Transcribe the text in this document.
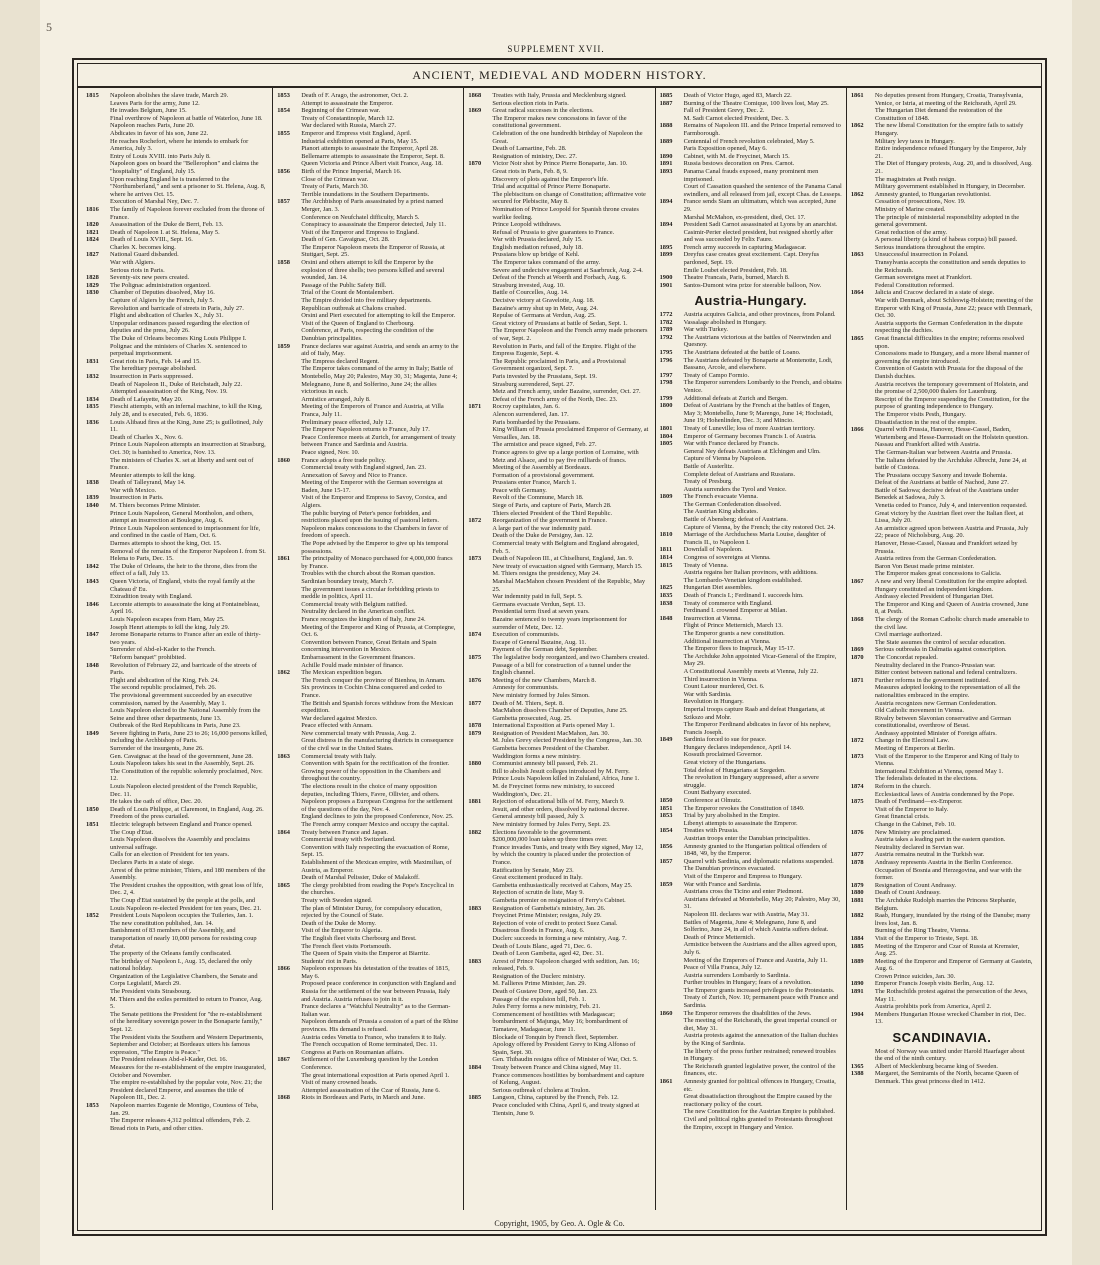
5
SUPPLEMENT XVII.
ANCIENT, MEDIEVAL AND MODERN HISTORY.
1815	Napoleon abolishes the slave trade, March 29.
Leaves Paris for the army, June 12.
He invades Belgium, June 15.
Final overthrow of Napoleon at battle of Waterloo, June 18.
Napoleon reaches Paris, June 20.
Abdicates in favor of his son, June 22.
He reaches Rochefort, where he intends to embark for America, July 3.
Entry of Louis XVIII. into Paris July 8.
Napoleon goes on board the "Bellerophon" and claims the "hospitality" of England, July 15.
Upon reaching England he is transferred to the "Northumberland," and sent a prisoner to St. Helena, Aug. 8, where he arrives Oct. 15.
Execution of Marshal Ney, Dec. 7.
1816	The family of Napoleon forever excluded from the throne of France.
1820	Assassination of the Duke de Berri, Feb. 13.
1821	Death of Napoleon I. at St. Helena, May 5.
1824	Death of Louis XVIII., Sept. 16.
Charles X. becomes king.
1827	National Guard disbanded.
War with Algiers.
Serious riots in Paris.
1828	Seventy-six new peers created.
1829	The Polignac administration organized.
1830	Chamber of Deputies dissolved, May 16.
Capture of Algiers by the French, July 5.
Revolution and barricade of streets in Paris, July 27.
Flight and abdication of Charles X., July 31.
Unpopular ordinances passed regarding the election of deputies and the press, July 26.
The Duke of Orleans becomes King Louis Philippe I.
Polignac and the ministers of Charles X. sentenced to perpetual imprisonment.
1831	Great riots in Paris, Feb. 14 and 15.
The hereditary peerage abolished.
1832	Insurrection in Paris suppressed.
Death of Napoleon II., Duke of Reichstadt, July 22.
Attempted assassination of the King, Nov. 19.
1834	Death of Lafayette, May 20.
1835	Fieschi attempts, with an infernal machine, to kill the King, July 28, and is executed, Feb. 6, 1836.
1836	Louis Alibaud fires at the King, June 25; is guillotined, July 11.
Death of Charles X., Nov. 6.
Prince Louis Napoleon attempts an insurrection at Strasburg, Oct. 30; is banished to America, Nov. 13.
The ministers of Charles X. set at liberty and sent out of France.
Meunier attempts to kill the king.
1838	Death of Talleyrand, May 14.
War with Mexico.
1839	Insurrection in Paris.
1840	M. Thiers becomes Prime Minister.
Prince Louis Napoleon, General Montholon, and others, attempt an insurrection at Boulogne, Aug. 6.
Prince Louis Napoleon sentenced to imprisonment for life, and confined in the castle of Ham, Oct. 6.
Darmes attempts to shoot the king, Oct. 15.
Removal of the remains of the Emperor Napoleon I. from St. Helena to Paris, Dec. 15.
1842	The Duke of Orleans, the heir to the throne, dies from the effect of a fall, July 13.
1843	Queen Victoria, of England, visits the royal family at the Chateau d' Eu.
Extradition treaty with England.
1846	Lecomte attempts to assassinate the king at Fontainebleau, April 16.
Louis Napoleon escapes from Ham, May 25.
Joseph Henri attempts to kill the king, July 29.
1847	Jerome Bonaparte returns to France after an exile of thirty-two years.
Surrender of Abd-el-Kader to the French.
"Reform banquet" prohibited.
1848	Revolution of February 22, and barricade of the streets of Paris.
Flight and abdication of the King, Feb. 24.
The second republic proclaimed, Feb. 26.
The provisional government succeeded by an executive commission, named by the Assembly, May 1.
Louis Napoleon elected to the National Assembly from the Seine and three other departments, June 13.
Outbreak of the Red Republicans in Paris, June 23.
1849	Severe fighting in Paris, June 23 to 26; 16,000 persons killed, including the Archbishop of Paris.
Surrender of the insurgents, June 26.
Gen. Cavaignac at the head of the government, June 28.
Louis Napoleon takes his seat in the Assembly, Sept. 26.
The Constitution of the republic solemnly proclaimed, Nov. 12.
Louis Napoleon elected president of the French Republic, Dec. 11.
He takes the oath of office, Dec. 20.
1850	Death of Louis Philippe, at Claremont, in England, Aug. 26.
Freedom of the press curtailed.
1851	Electric telegraph between England and France opened.
The Coup d'Etat.
Louis Napoleon dissolves the Assembly and proclaims universal suffrage.
Calls for an election of President for ten years.
Declares Paris in a state of siege.
Arrest of the prime minister, Thiers, and 180 members of the Assembly.
The President crushes the opposition, with great loss of life, Dec. 2, 4.
The Coup d'Etat sustained by the people at the polls, and Louis Napoleon re-elected President for ten years, Dec. 21.
1852	President Louis Napoleon occupies the Tuileries, Jan. 1.
The new constitution published, Jan. 14.
Banishment of 83 members of the Assembly, and transportation of nearly 10,000 persons for resisting coup d'etat.
The property of the Orleans family confiscated.
The birthday of Napoleon I., Aug. 15, declared the only national holiday.
Organization of the Legislative Chambers, the Senate and Corps Legislatif, March 29.
The President visits Strasbourg.
M. Thiers and the exiles permitted to return to France, Aug. 5.
The Senate petitions the President for "the re-establishment of the hereditary sovereign power in the Bonaparte family," Sept. 12.
The President visits the Southern and Western Departments, September and October; at Bordeaux utters his famous expression, "The Empire is Peace."
The President releases Abd-el-Kader, Oct. 16.
Measures for the re-establishment of the empire inaugurated, October and November.
The empire re-established by the popular vote, Nov. 21; the President declared Emperor, and assumes the title of Napoleon III., Dec. 2.
1853	Napoleon marries Eugenie de Montigo, Countess of Teba, Jan. 29.
The Emperor releases 4,312 political offenders, Feb. 2.
Bread riots in Paris, and other cities.
1853	Death of F. Arago, the astronomer, Oct. 2.
Attempt to assassinate the Emperor.
1854	Beginning of the Crimean war.
Treaty of Constantinople, March 12.
War declared with Russia, March 27.
1855	Emperor and Empress visit England, April.
Industrial exhibition opened at Paris, May 15.
Pianori attempts to assassinate the Emperor, April 28.
Bellemarre attempts to assassinate the Emperor, Sept. 8.
Queen Victoria and Prince Albert visit France, Aug. 18.
1856	Birth of the Prince Imperial, March 16.
Close of the Crimean war.
Treaty of Paris, March 30.
Terrible inundations in the Southern Departments.
1857	The Archbishop of Paris assassinated by a priest named Merger, Jan. 3.
Conference on Neufchatel difficulty, March 5.
Conspiracy to assassinate the Emperor detected, July 11.
Visit of the Emperor and Empress to England.
Death of Gen. Cavaignac, Oct. 28.
The Emperor Napoleon meets the Emperor of Russia, at Stuttgart, Sept. 25.
1858	Orsini and others attempt to kill the Emperor by the explosion of three shells; two persons killed and several wounded, Jan. 14.
Passage of the Public Safety Bill.
Trial of the Count de Montalembert.
The Empire divided into five military departments.
Republican outbreak at Chalons crushed.
Orsini and Pieri executed for attempting to kill the Emperor.
Visit of the Queen of England to Cherbourg.
Conference, at Paris, respecting the condition of the Danubian principalities.
1859	France declares war against Austria, and sends an army to the aid of Italy, May.
The Empress declared Regent.
The Emperor takes command of the army in Italy; Battle of Montebello, May 20; Palestro, May 30, 31; Magenta, June 4; Melegnano, June 8, and Solferino, June 24; the allies victorious in each.
Armistice arranged, July 8.
Meeting of the Emperors of France and Austria, at Villa Franca, July 11.
Preliminary peace effected, July 12.
The Emperor Napoleon returns to France, July 17.
Peace Conference meets at Zurich, for arrangement of treaty between France and Sardinia and Austria.
Peace signed, Nov. 10.
1860	France adopts a free trade policy.
Commercial treaty with England signed, Jan. 23.
Annexation of Savoy and Nice to France.
Meeting of the Emperor with the German sovereigns at Baden, June 15-17.
Visit of the Emperor and Empress to Savoy, Corsica, and Algiers.
The public burying of Peter's pence forbidden, and restrictions placed upon the issuing of pastoral letters.
Napoleon makes concessions to the Chambers in favor of freedom of speech.
The Pope advised by the Emperor to give up his temporal possessions.
1861	The principality of Monaco purchased for 4,000,000 francs by France.
Troubles with the church about the Roman question.
Sardinian boundary treaty, March 7.
The government issues a circular forbidding priests to meddle in politics, April 11.
Commercial treaty with Belgium ratified.
Neutrality declared in the American conflict.
France recognizes the kingdom of Italy, June 24.
Meeting of the Emperor and King of Prussia, at Compiegne, Oct. 6.
Convention between France, Great Britain and Spain concerning intervention in Mexico.
Embarrassment in the Government finances.
Achille Fould made minister of finance.
1862	The Mexican expedition begun.
The French conquer the province of Bienhoa, in Annam.
Six provinces in Cochin China conquered and ceded to France.
The British and Spanish forces withdraw from the Mexican expedition.
War declared against Mexico.
Peace effected with Annam.
New commercial treaty with Prussia, Aug. 2.
Great distress in the manufacturing districts in consequence of the civil war in the United States.
1863	Commercial treaty with Italy.
Convention with Spain for the rectification of the frontier.
Growing power of the opposition in the Chambers and throughout the country.
The elections result in the choice of many opposition deputies, including Thiers, Favre, Ollivier, and others.
Napoleon proposes a European Congress for the settlement of the questions of the day, Nov. 4.
England declines to join the proposed Conference, Nov. 25.
The French army conquer Mexico and occupy the capital.
1864	Treaty between France and Japan.
Commercial treaty with Switzerland.
Convention with Italy respecting the evacuation of Rome, Sept. 15.
Establishment of the Mexican empire, with Maximilian, of Austria, as Emperor.
Death of Marshal Pelissier, Duke of Malakoff.
1865	The clergy prohibited from reading the Pope's Encyclical in the churches.
Treaty with Sweden signed.
The plan of Minister Duruy, for compulsory education, rejected by the Council of State.
Death of the Duke de Morny.
Visit of the Emperor to Algeria.
The English fleet visits Cherbourg and Brest.
The French fleet visits Portsmouth.
The Queen of Spain visits the Emperor at Biarritz.
Students' riot in Paris.
1866	Napoleon expresses his detestation of the treaties of 1815, May 6.
Proposed peace conference in conjunction with England and Russia for the settlement of the war between Prussia, Italy and Austria. Austria refuses to join in it.
France declares a "Watchful Neutrality" as to the German-Italian war.
Napoleon demands of Prussia a cession of a part of the Rhine provinces. His demand is refused.
Austria cedes Venetia to France, who transfers it to Italy.
The French occupation of Rome terminated, Dec. 11.
Congress at Paris on Roumanian affairs.
1867	Settlement of the Luxemburg question by the London Conference.
The great international exposition at Paris opened April 1. Visit of many crowned heads.
Attempted assassination of the Czar of Russia, June 6.
1868	Riots in Bordeaux and Paris, in March and June.
1868	Treaties with Italy, Prussia and Mecklenburg signed.
Serious election riots in Paris.
1869	Great radical successes in the elections.
The Emperor makes new concessions in favor of the constitutional government.
Celebration of the one hundredth birthday of Napoleon the Great.
Death of Lamartine, Feb. 28.
Resignation of ministry, Dec. 27.
1870	Victor Noir shot by Prince Pierre Bonaparte, Jan. 10.
Great riots in Paris, Feb. 8, 9.
Discovery of plots against the Emperor's life.
Trial and acquittal of Prince Pierre Bonaparte.
The plebiscitum on change of Constitution; affirmative vote secured for Plebiscite, May 8.
Nomination of Prince Leopold for Spanish throne creates warlike feeling.
Prince Leopold withdraws.
Refusal of Prussia to give guarantees to France.
War with Prussia declared, July 15.
English mediation refused, July 18.
Prussians blow up bridge of Kehl.
The Emperor takes command of the army.
Severe and undecisive engagement at Saarbruck, Aug. 2-4.
Defeat of the French at Woerth and Forbach, Aug. 6.
Strasburg invested, Aug. 10.
Battle of Courcelles, Aug. 14.
Decisive victory at Gravelotte, Aug. 18.
Bazaine's army shut up in Metz, Aug. 24.
Repulse of Germans at Verdun, Aug. 25.
Great victory of Prussians at battle of Sedan, Sept. 1.
The Emperor Napoleon and the French army made prisoners of war, Sept. 2.
Revolution in Paris, and fall of the Empire. Flight of the Empress Eugenie, Sept. 4.
The Republic proclaimed in Paris, and a Provisional Government organized, Sept. 7.
Paris invested by the Prussians, Sept. 19.
Strasburg surrendered, Sept. 27.
Metz and French army, under Bazaine, surrender, Oct. 27.
Defeat of the French army of the North, Dec. 23.
1871	Rocroy capitulates, Jan. 6.
Alencon surrendered, Jan. 17.
Paris bombarded by the Prussians.
King William of Prussia proclaimed Emperor of Germany, at Versailles, Jan. 18.
The armistice and peace signed, Feb. 27.
France agrees to give up a large portion of Lorraine, with Metz and Alsace, and to pay five milliards of francs.
Meeting of the Assembly at Bordeaux.
Formation of a provisional government.
Prussians enter France, March 1.
Peace with Germany.
Revolt of the Commune, March 18.
Siege of Paris, and capture of Paris, March 28.
Thiers elected President of the Third Republic.
1872	Reorganization of the government in France.
A large part of the war indemnity paid.
Death of the Duke de Persigny, Jan. 12.
Commercial treaty with Belgium and England abrogated, Feb. 5.
1873	Death of Napoleon III., at Chiselhurst, England, Jan. 9.
New treaty of evacuation signed with Germany, March 15.
M. Thiers resigns the presidency, May 24.
Marshal MacMahon chosen President of the Republic, May 25.
War indemnity paid in full, Sept. 5.
Germans evacuate Verdun, Sept. 13.
Presidential term fixed at seven years.
Bazaine sentenced to twenty years imprisonment for surrender of Metz, Dec. 12.
1874	Execution of communists.
Escape of General Bazaine, Aug. 11.
Payment of the German debt, September.
1875	The legislative body reorganized, and two Chambers created.
Passage of a bill for construction of a tunnel under the English channel.
1876	Meeting of the new Chambers, March 8.
Amnesty for communists.
New ministry formed by Jules Simon.
1877	Death of M. Thiers, Sept. 8.
MacMahon dissolves Chamber of Deputies, June 25.
Gambetta prosecuted, Aug. 25.
1878	International Exposition at Paris opened May 1.
1879	Resignation of President MacMahon, Jan. 30.
M. Jules Grevy elected President by the Congress, Jan. 30.
Gambetta becomes President of the Chamber.
Waddington forms a new ministry.
1880	Communist amnesty bill passed, Feb. 21.
Bill to abolish Jesuit colleges introduced by M. Ferry.
Prince Louis Napoleon killed in Zululand, Africa, June 1.
M. de Freycinet forms new ministry, to succeed Waddington's, Dec. 21.
1881	Rejection of educational bills of M. Ferry, March 9.
Jesuit, and other orders, dissolved by national decree.
General amnesty bill passed, July 3.
New ministry formed by Jules Ferry, Sept. 23.
1882	Elections favorable to the government.
$200,000,000 loan taken up three times over.
France invades Tunis, and treaty with Bey signed, May 12, by which the country is placed under the protection of France.
Ratification by Senate, May 23.
Great excitement produced in Italy.
Gambetta enthusiastically received at Cahors, May 25.
Rejection of scrutin de liste, May 9.
Gambetta premier on resignation of Ferry's Cabinet.
1883	Resignation of Gambetta's ministry, Jan. 26.
Freycinet Prime Minister; resigns, July 29.
Rejection of vote of credit to protect Suez Canal.
Disastrous floods in France, Aug. 6.
Duclerc succeeds in forming a new ministry, Aug. 7.
Death of Louis Blanc, aged 71, Dec. 6.
Death of Leon Gambetta, aged 42, Dec. 31.
1883	Arrest of Prince Napoleon charged with sedition, Jan. 16; released, Feb. 9.
Resignation of the Duclerc ministry.
M. Fallieres Prime Minister, Jan. 29.
Death of Gustave Dore, aged 50, Jan. 23.
Passage of the expulsion bill, Feb. 1.
Jules Ferry forms a new ministry, Feb. 21.
Commencement of hostilities with Madagascar; bombardment of Majunga, May 16; bombardment of Tamatave, Madagascar, June 11.
Blockade of Tonquin by French fleet, September.
Apology offered by President Grevy to King Alfonso of Spain, Sept. 30.
Gen. Thibaudin resigns office of Minister of War, Oct. 5.
1884	Treaty between France and China signed, May 11.
France commences hostilities by bombardment and capture of Kelung, August.
Serious outbreak of cholera at Toulon.
1885	Langson, China, captured by the French, Feb. 12.
Peace concluded with China, April 6, and treaty signed at Tientsin, June 9.
1885	Death of Victor Hugo, aged 83, March 22.
1887	Burning of the Theatre Comique, 100 lives lost, May 25.
Fall of President Grevy, Dec. 2.
M. Sadi Carnot elected President, Dec. 3.
1888	Remains of Napoleon III. and the Prince Imperial removed to Farmborough.
1889	Centennial of French revolution celebrated, May 5.
Paris Exposition opened, May 6.
1890	Cabinet, with M. de Freycinet, March 15.
1891	Russia bestows decoration on Pres. Carnot.
1893	Panama Canal frauds exposed, many prominent men imprisoned.
Court of Cassation quashed the sentence of the Panama Canal swindlers, and all released from jail, except Chas. de Lesseps.
1894	France sends Siam an ultimatum, which was accepted, June 29.
Marshal McMahon, ex-president, died, Oct. 17.
1894	President Sadi Carnot assassinated at Lyons by an anarchist.
Casimir-Perier elected president, but resigned shortly after and was succeeded by Felix Faure.
1895	French army succeeds in capturing Madagascar.
1899	Dreyfus case creates great excitement. Capt. Dreyfus pardoned, Sept. 19.
Emile Loubet elected President, Feb. 18.
1900	Theatre Francais, Paris, burned, March 8.
1901	Santos-Dumont wins prize for steerable balloon, Nov.
Austria-Hungary.
1772	Austria acquires Galicia, and other provinces, from Poland.
1782	Vassalage abolished in Hungary.
1789	War with Turkey.
1792	The Austrians victorious at the battles of Neerwinden and Quesnoy.
1795	The Austrians defeated at the battle of Loano.
1796	The Austrians defeated by Bonaparte at Montenotte, Lodi, Bassano, Arcole, and elsewhere.
1797	Treaty of Campo Formio.
1798	The Emperor surrenders Lombardy to the French, and obtains Venice.
1799	Additional defeats at Zurich and Bergen.
1800	Defeat of Austrians by the French at the battles of Engen, May 3; Montebello, June 9; Marengo, June 14; Hochstadt, June 19; Hohenlinden, Dec. 3; and Mincio.
1801	Treaty of Luneville; loss of more Austrian territory.
1804	Emperor of Germany becomes Francis I. of Austria.
1805	War with France declared by Francis.
General Ney defeats Austrians at Elchingen and Ulm.
Capture of Vienna by Napoleon.
Battle of Austerlitz.
Complete defeat of Austrians and Russians.
Treaty of Presburg.
Austria surrenders the Tyrol and Venice.
1809	The French evacuate Vienna.
The German Confederation dissolved.
The Austrian King abdicates.
Battle of Abensberg; defeat of Austrians.
Capture of Vienna, by the French; the city restored Oct. 24.
1810	Marriage of the Archduchess Maria Louise, daughter of Francis II., to Napoleon I.
1811	Downfall of Napoleon.
1814	Congress of sovereigns at Vienna.
1815	Treaty of Vienna.
Austria regains her Italian provinces, with additions.
The Lombardo-Venetian kingdom established.
1825	Hungarian Diet assembles.
1835	Death of Francis I.; Ferdinand I. succeeds him.
1838	Treaty of commerce with England.
Ferdinand I. crowned Emperor at Milan.
1848	Insurrection at Vienna.
Flight of Prince Metternich, March 13.
The Emperor grants a new constitution.
Additional insurrection at Vienna.
The Emperor flees to Inspruck, May 15-17.
The Archduke John appointed Vicar-General of the Empire, May 29.
A Constitutional Assembly meets at Vienna, July 22.
Third insurrection in Vienna.
Count Latour murdered, Oct. 6.
War with Sardinia.
Revolution in Hungary.
Imperial troops capture Raab and defeat Hungarians, at Szikszo and Mohr.
The Emperor Ferdinand abdicates in favor of his nephew, Francis Joseph.
1849	Sardinia forced to sue for peace.
Hungary declares independence, April 14.
Kossuth proclaimed Governor.
Great victory of the Hungarians.
Total defeat of Hungarians at Szegeden.
The revolution in Hungary suppressed, after a severe struggle.
Count Bathyany executed.
1850	Conference at Olmutz.
1851	The Emperor revokes the Constitution of 1849.
1853	Trial by jury abolished in the Empire.
Libenyi attempts to assassinate the Emperor.
1854	Treaties with Prussia.
Austrian troops enter the Danubian principalities.
1856	Amnesty granted to the Hungarian political offenders of 1848, '49, by the Emperor.
1857	Quarrel with Sardinia, and diplomatic relations suspended.
The Danubian provinces evacuated.
Visit of the Emperor and Empress to Hungary.
1859	War with France and Sardinia.
Austrians cross the Ticino and enter Piedmont.
Austrians defeated at Montebello, May 20; Palestro, May 30, 31.
Napoleon III. declares war with Austria, May 31.
Battles of Magenta, June 4; Melegnano, June 8, and Solferino, June 24, in all of which Austria suffers defeat.
Death of Prince Metternich.
Armistice between the Austrians and the allies agreed upon, July 6.
Meeting of the Emperors of France and Austria, July 11.
Peace of Villa Franca, July 12.
Austria surrenders Lombardy to Sardinia.
Further troubles in Hungary; fears of a revolution.
The Emperor grants increased privileges to the Protestants.
Treaty of Zurich, Nov. 10; permanent peace with France and Sardinia.
1860	The Emperor removes the disabilities of the Jews.
The meeting of the Reichsrath, the great imperial council or diet, May 31.
Austria protests against the annexation of the Italian duchies by the King of Sardinia.
The liberty of the press further restrained; renewed troubles in Hungary.
The Reichsrath granted legislative power, the control of the finances, etc.
1861	Amnesty granted for political offences in Hungary, Croatia, etc.
Great dissatisfaction throughout the Empire caused by the reactionary policy of the court.
The new Constitution for the Austrian Empire is published.
Civil and political rights granted to Protestants throughout the Empire, except in Hungary and Venice.
1861	No deputies present from Hungary, Croatia, Transylvania, Venice, or Istria, at meeting of the Reichsrath, April 29.
The Hungarian Diet demand the restoration of the Constitution of 1848.
1862	The new liberal Constitution for the empire fails to satisfy Hungary.
Military levy taxes in Hungary.
Entire independence refused Hungary by the Emperor, July 21.
The Diet of Hungary protests, Aug. 20, and is dissolved, Aug. 21.
The magistrates at Pesth resign.
Military government established in Hungary, in December.
1862	Amnesty granted, to Hungarian revolutionist.
Cessation of prosecutions, Nov. 19.
Ministry of Marine created.
The principle of ministerial responsibility adopted in the general government.
Great reduction of the army.
A personal liberty (a kind of habeas corpus) bill passed.
Serious inundations throughout the empire.
1863	Unsuccessful insurrection in Poland.
Transylvania accepts the constitution and sends deputies to the Reichsrath.
German sovereigns meet at Frankfort.
Federal Constitution reformed.
1864	Jalicia and Cracow declared in a state of siege.
War with Denmark, about Schleswig-Holstein; meeting of the Emperor with King of Prussia, June 22; peace with Denmark, Oct. 30.
Austria supports the German Confederation in the dispute respecting the duchies.
1865	Great financial difficulties in the empire; reforms resolved upon.
Concessions made to Hungary, and a more liberal manner of governing the empire introduced.
Convention of Gastein with Prussia for the disposal of the Danish duchies.
Austria receives the temporary government of Holstein, and the promise of 2,500,000 thalers for Lauenburg.
Rescript of the Emperor suspending the Constitution, for the purpose of granting independence to Hungary.
The Emperor visits Pesth, Hungary.
Dissatisfaction in the rest of the empire.
1866	Quarrel with Prussia, Hanover, Hesse-Cassel, Baden, Wurtemberg and Hesse-Darmstadt on the Holstein question.
Nassau and Frankfort allied with Austria.
The German-Italian war between Austria and Prussia.
The Italians defeated by the Archduke Albrecht, June 24, at battle of Custoza.
The Prussians occupy Saxony and invade Bohemia.
Defeat of the Austrians at battle of Nachod, June 27.
Battle of Sadowa; decisive defeat of the Austrians under Benedek at Sadowa, July 3.
Venetia ceded to France, July 4, and intervention requested.
Great victory by the Austrian fleet over the Italian fleet, at Lissa, July 20.
An armistice agreed upon between Austria and Prussia, July 22; peace of Nicholsburg, Aug. 20.
Hanover, Hesse-Cassel, Nassau and Frankfort seized by Prussia.
Austria retires from the German Confederation.
Baron Von Beust made prime minister.
The Emperor makes great concessions to Galicia.
1867	A new and very liberal Constitution for the empire adopted.
Hungary constituted an independent kingdom.
Andrassy elected President of Hungarian Diet.
The Emperor and King and Queen of Austria crowned, June 8, at Pesth.
1868	The clergy of the Roman Catholic church made amenable to the civil law.
Civil marriage authorized.
The State assumes the control of secular education.
1869	Serious outbreaks in Dalmatia against conscription.
1870	The Concordat repealed.
Neutrality declared in the Franco-Prussian war.
Bitter contest between national and federal centralizers.
1871	Further reforms in the government instituted.
Measures adopted looking to the representation of all the nationalities embraced in the empire.
Austria recognizes new German Confederation.
Old Catholic movement in Vienna.
Rivalry between Slavonian conservative and German constitutionalist, overthrow of Beust.
Andrassy appointed Minister of Foreign affairs.
1872	Change in the Electoral Law.
Meeting of Emperors at Berlin.
1873	Visit of the Emperor to the Emperor and King of Italy to Vienna.
International Exhibition at Vienna, opened May 1.
The federalists defeated in the elections.
1874	Reform in the church.
Ecclesiastical laws of Austria condemned by the Pope.
1875	Death of Ferdinand—ex-Emperor.
Visit of the Emperor to Italy.
Great financial crisis.
Change in the Cabinet, Feb. 10.
1876	New Ministry are proclaimed.
Austria takes a leading part in the eastern question.
Neutrality declared in Servian war.
1877	Austria remains neutral in the Turkish war.
1878	Andrassy represents Austria in the Berlin Conference.
Occupation of Bosnia and Herzegovina, and war with the former.
1879	Resignation of Count Andrassy.
1880	Death of Count Andrassy.
1881	The Archduke Rudolph marries the Princess Stephanie, Belgium.
1882	Raab, Hungary, inundated by the rising of the Danube; many lives lost, Jan. 8.
Burning of the Ring Theatre, Vienna.
1884	Visit of the Emperor to Trieste, Sept. 18.
1885	Meeting of the Emperor and Czar of Russia at Kremsier, Aug. 25.
1889	Meeting of the Emperor and Emperor of Germany at Gastein, Aug. 6.
Crown Prince suicides, Jan. 30.
1890	Emperor Francis Joseph visits Berlin, Aug. 12.
1891	The Rothschilds protest against the persecution of the Jews, May 11.
Austria prohibits pork from America, April 2.
1904	Members Hungarian House wrecked Chamber in riot, Dec. 13.
SCANDINAVIA.
Most of Norway was united under Harold Haarfager about the end of the ninth century.
1365	Albert of Mecklenburg became king of Sweden.
1388	Margaret, the Semiramis of the North, became Queen of Denmark. This great princess died in 1412.
Copyright, 1905, by Geo. A. Ogle & Co.
